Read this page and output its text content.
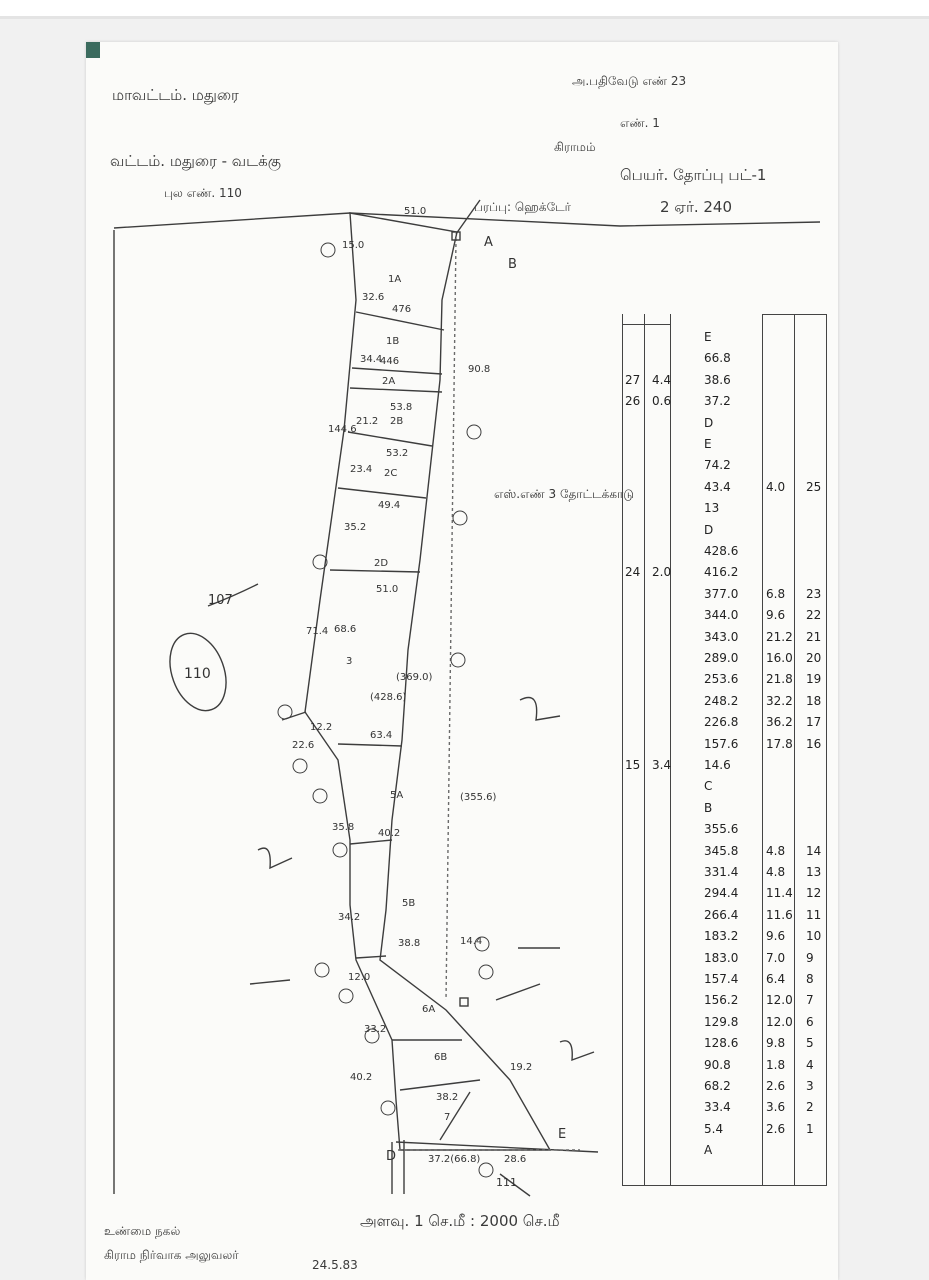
மாவட்டம். மதுரை
வட்டம். மதுரை - வடக்கு
புல எண். 110
அ.பதிவேடு எண் 23
எண். 1
கிராமம்
பெயர். தோப்பு பட்-1
பரப்பு: ஹெக்டேர்	2 ஏர். 240
1A
476
1B
446
2A
53.8
2B
53.2
2C
49.4
2D
3
5A
40.2
5B
38.8
6A
6B
38.2
7
51.0
15.0
32.6
34.4
21.2
144.6
23.4
35.2
71.4 68.6
51.0
63.4
12.2
22.6
35.8
34.2
40.2
12.0
33.2
37.2(66.8) 28.6
90.8
(355.6)
(428.6)
(369.0)
14.4
19.2
A
B
D
E
எஸ்.எண் 3 தோட்டக்காடு
107
110
111
E
66.8
27 4.4	38.6
26 0.6	37.2
D
E
74.2
43.4	4.0 25
13
D
428.6
24 2.0	416.2
377.0 6.8 23
344.0 9.6 22
343.0 21.2 21
289.0 16.0 20
253.6 21.8 19
248.2 32.2 18
226.8 36.2 17
157.6 17.8 16
15 3.4	14.6
C
B
355.6
345.8 4.8 14
331.4 4.8 13
294.4 11.4 12
266.4 11.6 11
183.2 9.6 10
183.0 7.0 9
157.4 6.4 8
156.2 12.0 7
129.8 12.0 6
128.6 9.8 5
90.8	1.8 4
68.2	2.6 3
33.4	3.6 2
5.4	2.6 1
A
அளவு. 1 செ.மீ : 2000 செ.மீ
உண்மை நகல்
கிராம நிர்வாக அலுவலர்
24.5.83
